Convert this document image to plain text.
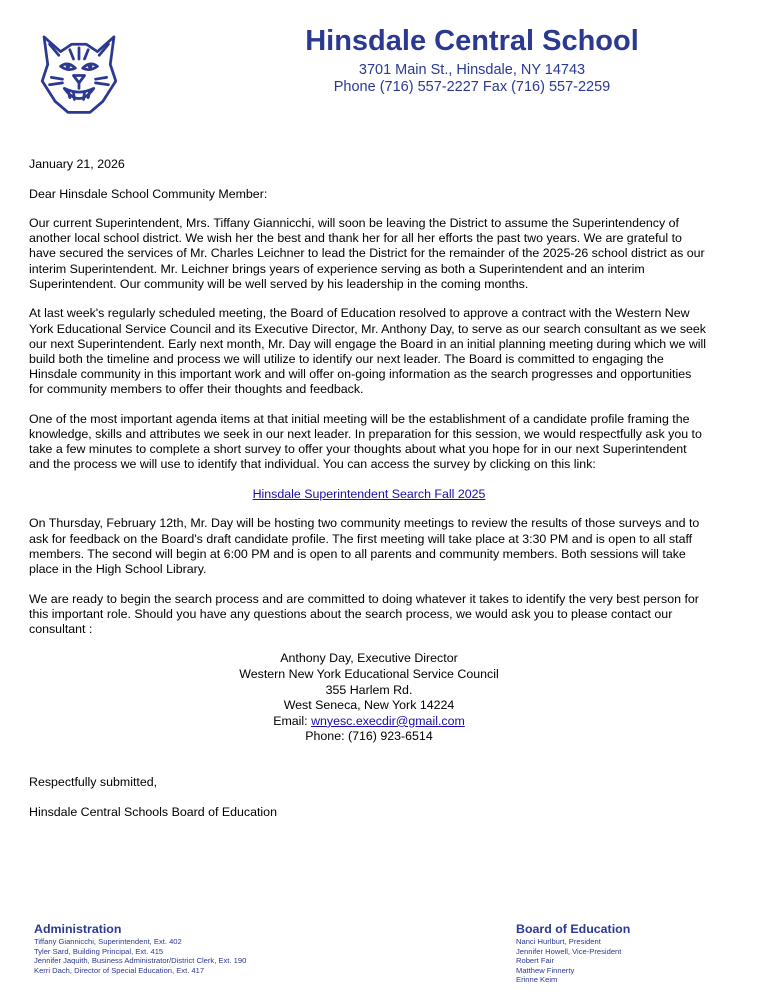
Hinsdale Central School
3701 Main St., Hinsdale, NY 14743
Phone (716) 557-2227 Fax (716) 557-2259

January 21, 2026

Dear Hinsdale School Community Member:

Our current Superintendent, Mrs. Tiffany Giannicchi, will soon be leaving the District to assume the Superintendency of another local school district. We wish her the best and thank her for all her efforts the past two years. We are grateful to have secured the services of Mr. Charles Leichner to lead the District for the remainder of the 2025-26 school district as our interim Superintendent. Mr. Leichner brings years of experience serving as both a Superintendent and an interim Superintendent. Our community will be well served by his leadership in the coming months.

At last week's regularly scheduled meeting, the Board of Education resolved to approve a contract with the Western New York Educational Service Council and its Executive Director, Mr. Anthony Day, to serve as our search consultant as we seek our next Superintendent. Early next month, Mr. Day will engage the Board in an initial planning meeting during which we will build both the timeline and process we will utilize to identify our next leader. The Board is committed to engaging the Hinsdale community in this important work and will offer on-going information as the search progresses and opportunities for community members to offer their thoughts and feedback.

One of the most important agenda items at that initial meeting will be the establishment of a candidate profile framing the knowledge, skills and attributes we seek in our next leader. In preparation for this session, we would respectfully ask you to take a few minutes to complete a short survey to offer your thoughts about what you hope for in our next Superintendent and the process we will use to identify that individual. You can access the survey by clicking on this link:

Hinsdale Superintendent Search Fall 2025

On Thursday, February 12th, Mr. Day will be hosting two community meetings to review the results of those surveys and to ask for feedback on the Board's draft candidate profile. The first meeting will take place at 3:30 PM and is open to all staff members. The second will begin at 6:00 PM and is open to all parents and community members. Both sessions will take place in the High School Library.

We are ready to begin the search process and are committed to doing whatever it takes to identify the very best person for this important role. Should you have any questions about the search process, we would ask you to please contact our consultant :

Anthony Day, Executive Director
Western New York Educational Service Council
355 Harlem Rd.
West Seneca, New York 14224
Email: wnyesc.execdir@gmail.com
Phone: (716) 923-6514

Respectfully submitted,

Hinsdale Central Schools Board of Education

Administration
Tiffany Giannicchi, Superintendent, Ext. 402
Tyler Sard, Building Principal, Ext. 415
Jennifer Jaquith, Business Administrator/District Clerk, Ext. 190
Kerri Dach, Director of Special Education, Ext. 417
Board of Education
Nanci Hurlburt, President
Jennifer Howell, Vice-President
Robert Fair
Matthew Finnerty
Erinne Keim
